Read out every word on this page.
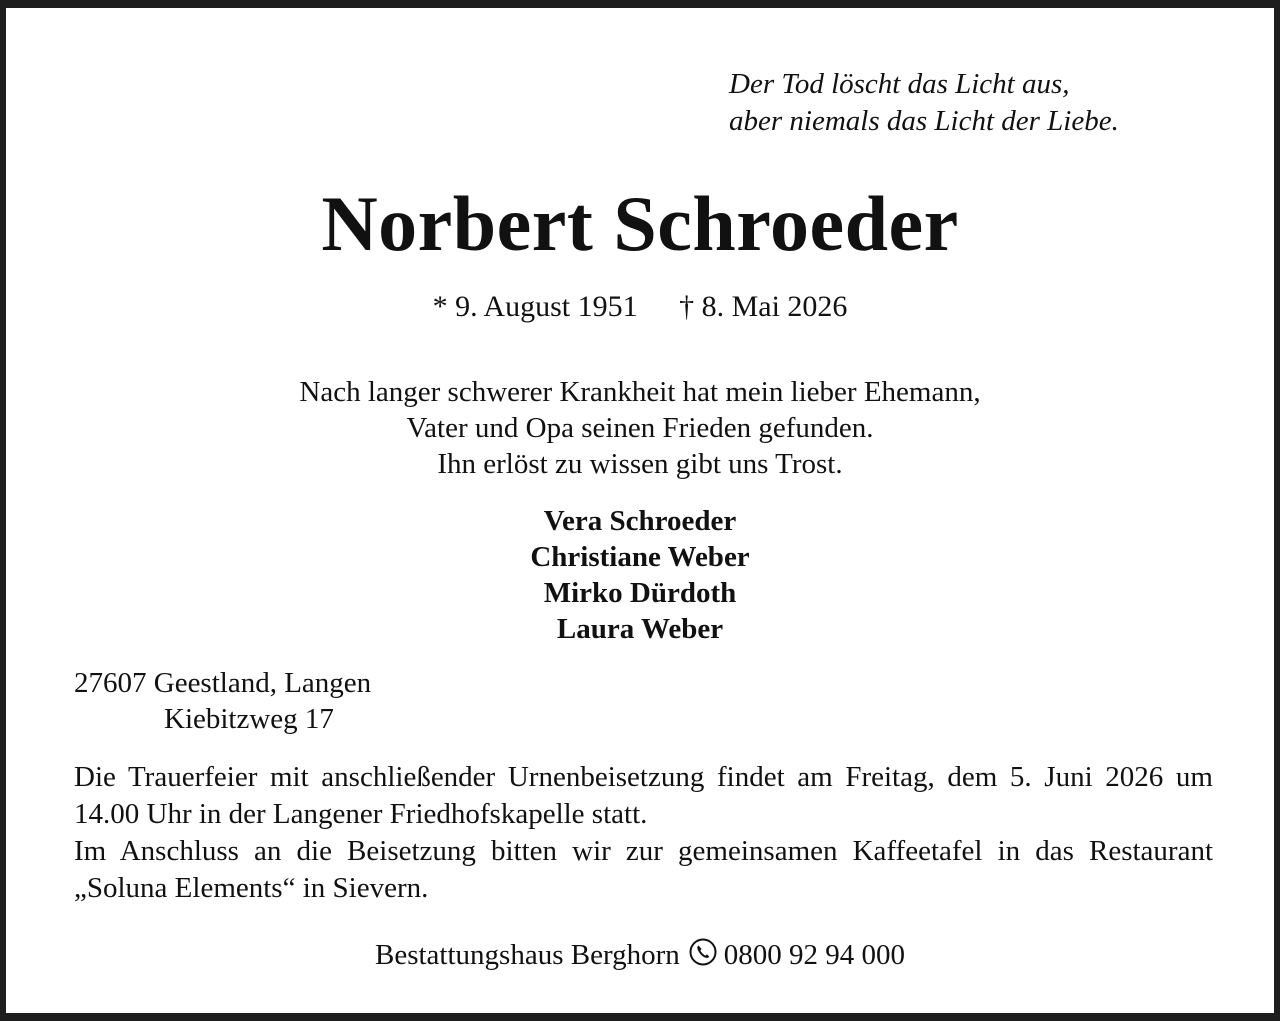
Der Tod löscht das Licht aus,
aber niemals das Licht der Liebe.
Norbert Schroeder
* 9. August 1951 † 8. Mai 2026
Nach langer schwerer Krankheit hat mein lieber Ehemann,
Vater und Opa seinen Frieden gefunden.
Ihn erlöst zu wissen gibt uns Trost.
Vera Schroeder
Christiane Weber
Mirko Dürdoth
Laura Weber
27607 Geestland, Langen
Kiebitzweg 17

Die Trauerfeier mit anschließender Urnenbeisetzung findet am Freitag, dem 5. Juni 2026 um 14.00 Uhr in der Langener Friedhofskapelle statt.

Im Anschluss an die Beisetzung bitten wir zur gemeinsamen Kaffeetafel in das Restaurant „Soluna Elements“ in Sievern.

Bestattungshaus Berghorn 0800 92 94 000
